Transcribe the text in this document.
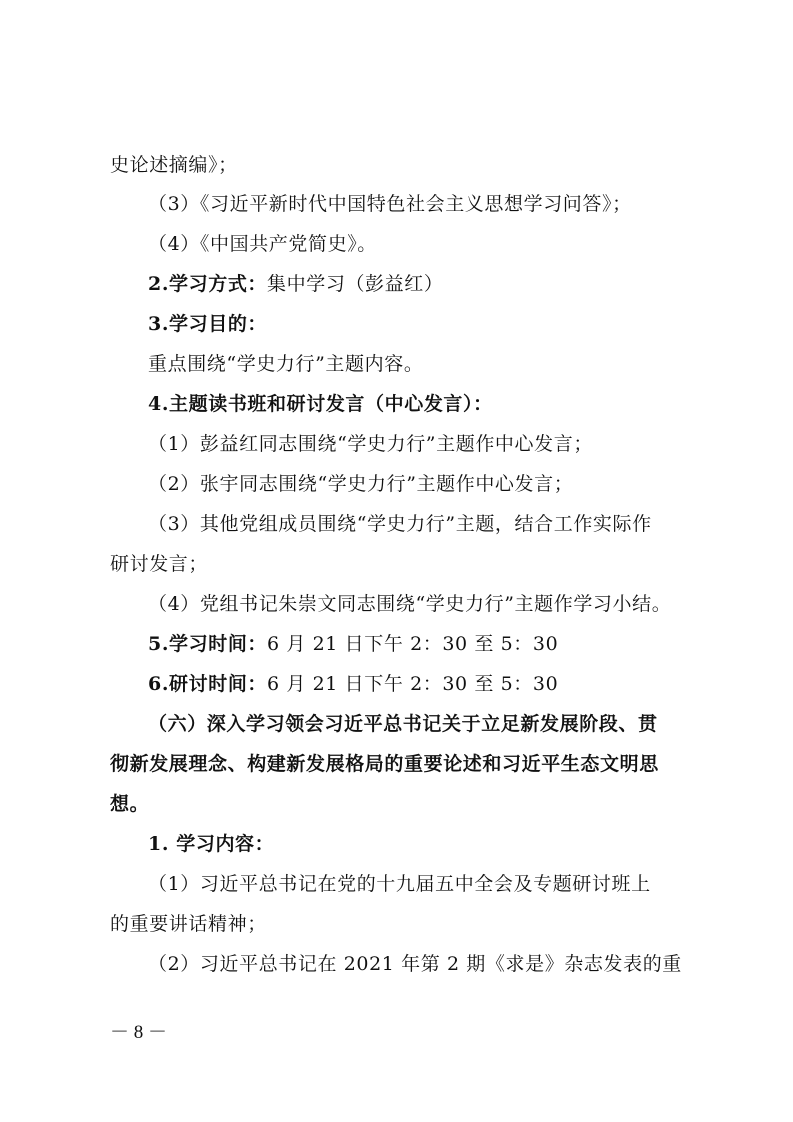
史论述摘编》；
（3）《习近平新时代中国特色社会主义思想学习问答》；
（4）《中国共产党简史》。
2.学习方式：集中学习（彭益红）
3.学习目的：
重点围绕“学史力行”主题内容。
4.主题读书班和研讨发言（中心发言）：
（1）彭益红同志围绕“学史力行”主题作中心发言；
（2）张宇同志围绕“学史力行”主题作中心发言；
（3）其他党组成员围绕“学史力行”主题，结合工作实际作
研讨发言；
（4）党组书记朱崇文同志围绕“学史力行”主题作学习小结。
5.学习时间：6 月 21 日下午 2：30 至 5：30
6.研讨时间：6 月 21 日下午 2：30 至 5：30
（六）深入学习领会习近平总书记关于立足新发展阶段、贯
彻新发展理念、构建新发展格局的重要论述和习近平生态文明思
想。
1. 学习内容：
（1）习近平总书记在党的十九届五中全会及专题研讨班上
的重要讲话精神；
（2）习近平总书记在 2021 年第 2 期《求是》杂志发表的重
－ 8 －
